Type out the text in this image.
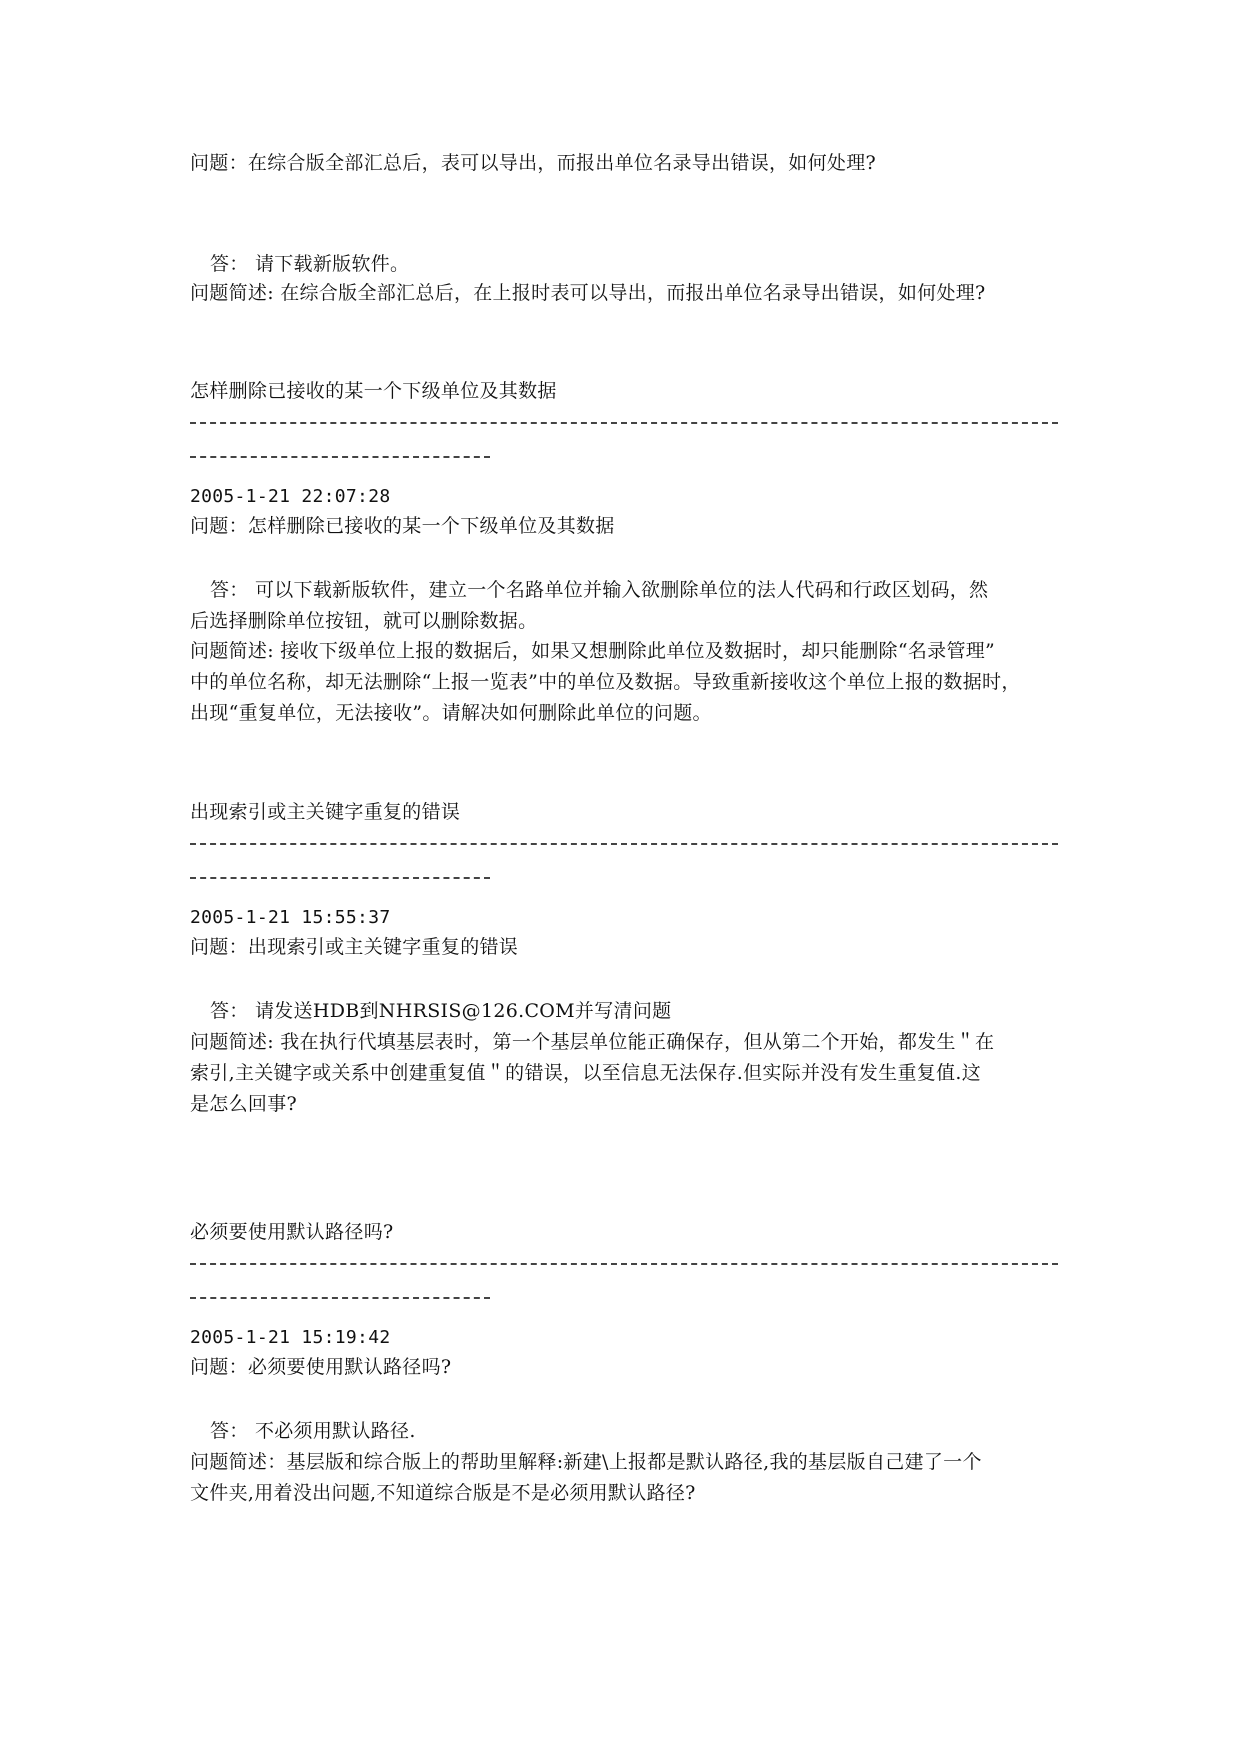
问题：在综合版全部汇总后，表可以导出，而报出单位名录导出错误，如何处理?
答： 请下载新版软件。
问题简述: 在综合版全部汇总后，在上报时表可以导出，而报出单位名录导出错误，如何处理?
怎样删除已接收的某一个下级单位及其数据
2005-1-21 22:07:28
问题：怎样删除已接收的某一个下级单位及其数据
答： 可以下载新版软件，建立一个名路单位并输入欲删除单位的法人代码和行政区划码，然
后选择删除单位按钮，就可以删除数据。
问题简述: 接收下级单位上报的数据后，如果又想删除此单位及数据时，却只能删除“名录管理”
中的单位名称，却无法删除“上报一览表”中的单位及数据。导致重新接收这个单位上报的数据时，
出现“重复单位，无法接收”。请解决如何删除此单位的问题。
出现索引或主关键字重复的错误
2005-1-21 15:55:37
问题：出现索引或主关键字重复的错误
答： 请发送HDB到NHRSIS@126.COM并写清问题
问题简述: 我在执行代填基层表时，第一个基层单位能正确保存，但从第二个开始，都发生＂在
索引,主关键字或关系中创建重复值＂的错误，以至信息无法保存.但实际并没有发生重复值.这
是怎么回事?
必须要使用默认路径吗?
2005-1-21 15:19:42
问题：必须要使用默认路径吗?
答： 不必须用默认路径.
问题简述：基层版和综合版上的帮助里解释:新建\上报都是默认路径,我的基层版自己建了一个
文件夹,用着没出问题,不知道综合版是不是必须用默认路径?
